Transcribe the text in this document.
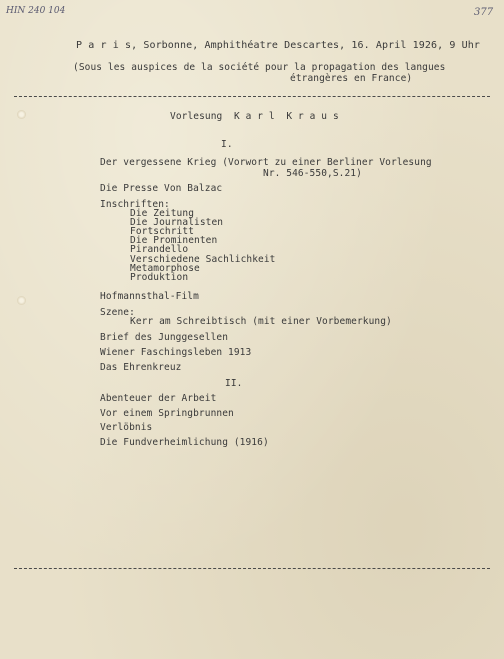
HIN 240 104	377
P a r i s, Sorbonne, Amphithéatre Descartes, 16. April 1926, 9 Uhr
(Sous les auspices de la société pour la propagation des langues
étrangères en France)
Vorlesung  K a r l  K r a u s
I.
Der vergessene Krieg (Vorwort zu einer Berliner Vorlesung
Nr. 546-550,S.21)
Die Presse Von Balzac
Inschriften:
Die Zeitung
Die Journalisten
Fortschritt
Die Prominenten
Pirandello
Verschiedene Sachlichkeit
Metamorphose
Produktion
Hofmannsthal-Film
Szene:
Kerr am Schreibtisch (mit einer Vorbemerkung)
Brief des Junggesellen
Wiener Faschingsleben 1913
Das Ehrenkreuz
II.
Abenteuer der Arbeit
Vor einem Springbrunnen
Verlöbnis
Die Fundverheimlichung (1916)
